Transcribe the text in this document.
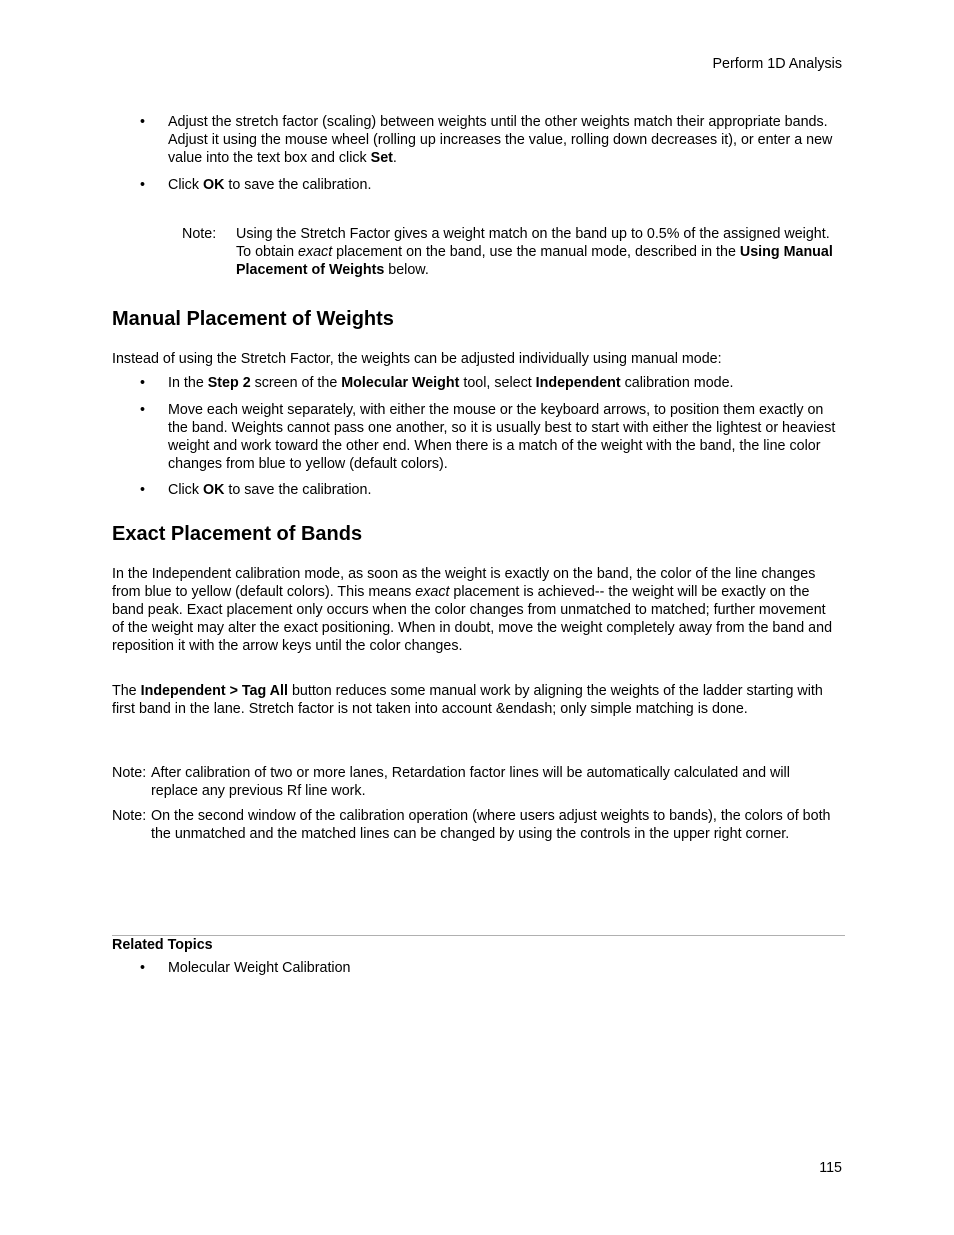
Perform 1D Analysis
• Adjust the stretch factor (scaling) between weights until the other weights match their appropriate bands. Adjust it using the mouse wheel (rolling up increases the value, rolling down decreases it), or enter a new value into the text box and click Set.
• Click OK to save the calibration.
Note: Using the Stretch Factor gives a weight match on the band up to 0.5% of the assigned weight. To obtain exact placement on the band, use the manual mode, described in the Using Manual Placement of Weights below.
Manual Placement of Weights
Instead of using the Stretch Factor, the weights can be adjusted individually using manual mode:
• In the Step 2 screen of the Molecular Weight tool, select Independent calibration mode.
• Move each weight separately, with either the mouse or the keyboard arrows, to position them exactly on the band. Weights cannot pass one another, so it is usually best to start with either the lightest or heaviest weight and work toward the other end. When there is a match of the weight with the band, the line color changes from blue to yellow (default colors).
• Click OK to save the calibration.
Exact Placement of Bands
In the Independent calibration mode, as soon as the weight is exactly on the band, the color of the line changes from blue to yellow (default colors). This means exact placement is achieved-- the weight will be exactly on the band peak. Exact placement only occurs when the color changes from unmatched to matched; further movement of the weight may alter the exact positioning. When in doubt, move the weight completely away from the band and reposition it with the arrow keys until the color changes.
The Independent > Tag All button reduces some manual work by aligning the weights of the ladder starting with first band in the lane. Stretch factor is not taken into account &endash; only simple matching is done.
Note: After calibration of two or more lanes, Retardation factor lines will be automatically calculated and will replace any previous Rf line work.
Note: On the second window of the calibration operation (where users adjust weights to bands), the colors of both the unmatched and the matched lines can be changed by using the controls in the upper right corner.
Related Topics
• Molecular Weight Calibration
115
